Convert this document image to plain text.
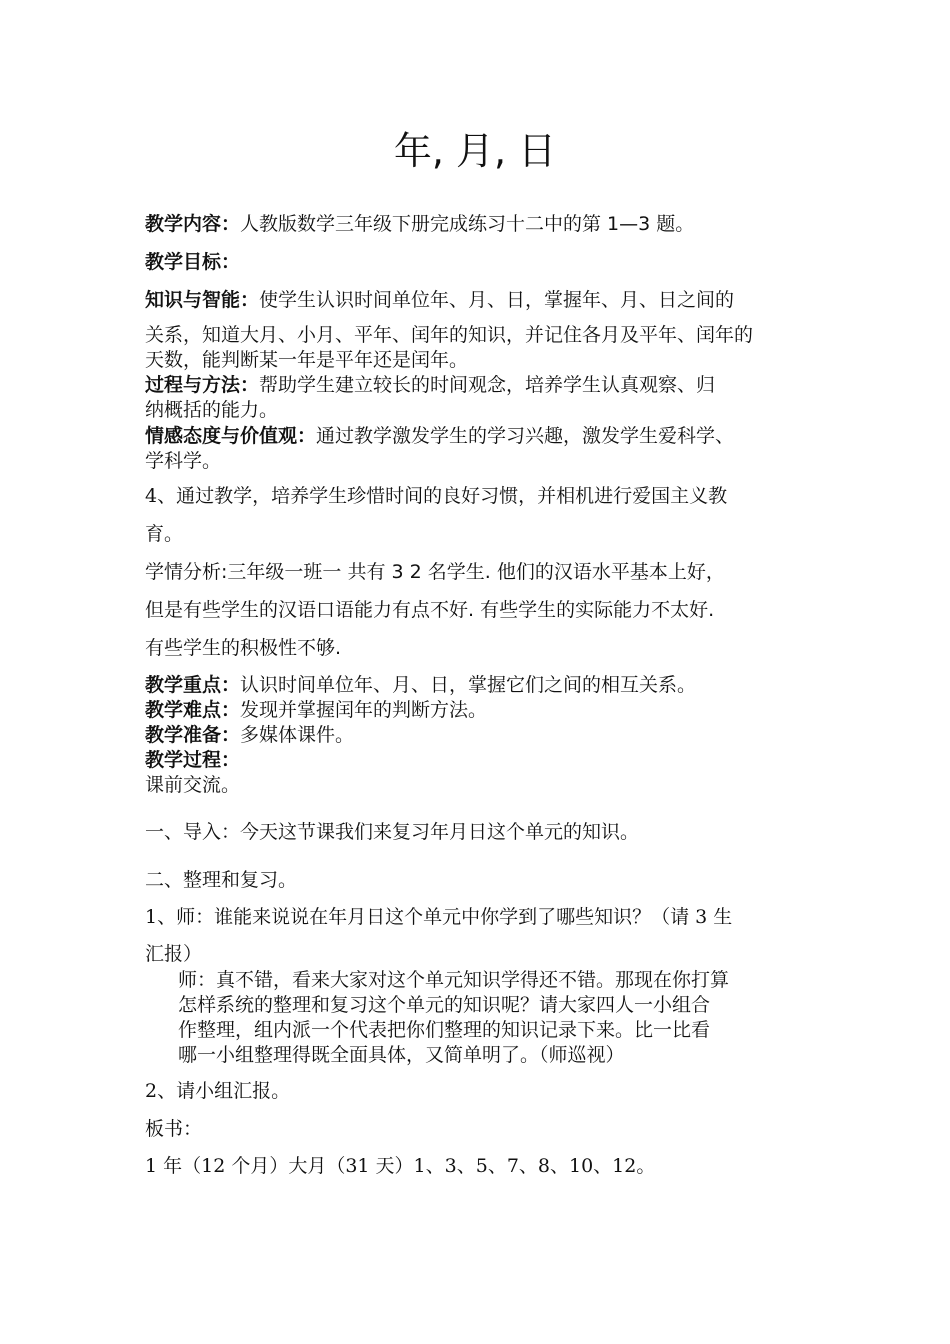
年, 月, 日
教学内容：人教版数学三年级下册完成练习十二中的第 1—3 题。
教学目标：
知识与智能：使学生认识时间单位年、月、日，掌握年、月、日之间的
关系，知道大月、小月、平年、闰年的知识，并记住各月及平年、闰年的
天数，能判断某一年是平年还是闰年。
过程与方法：帮助学生建立较长的时间观念，培养学生认真观察、归
纳概括的能力。
情感态度与价值观：通过教学激发学生的学习兴趣，激发学生爱科学、
学科学。
4、通过教学，培养学生珍惜时间的良好习惯，并相机进行爱国主义教
育。
学情分析:三年级一班一 共有 3 2 名学生. 他们的汉语水平基本上好，
但是有些学生的汉语口语能力有点不好. 有些学生的实际能力不太好.
有些学生的积极性不够.
教学重点：认识时间单位年、月、日，掌握它们之间的相互关系。
教学难点：发现并掌握闰年的判断方法。
教学准备：多媒体课件。
教学过程：
课前交流。
一、导入：今天这节课我们来复习年月日这个单元的知识。
二、整理和复习。
1、师：谁能来说说在年月日这个单元中你学到了哪些知识？（请 3 生
汇报）
师：真不错，看来大家对这个单元知识学得还不错。那现在你打算
怎样系统的整理和复习这个单元的知识呢？请大家四人一小组合
作整理，组内派一个代表把你们整理的知识记录下来。比一比看
哪一小组整理得既全面具体，又简单明了。（师巡视）
2、请小组汇报。
板书：
1 年（12 个月）大月（31 天）1、3、5、7、8、10、12。
